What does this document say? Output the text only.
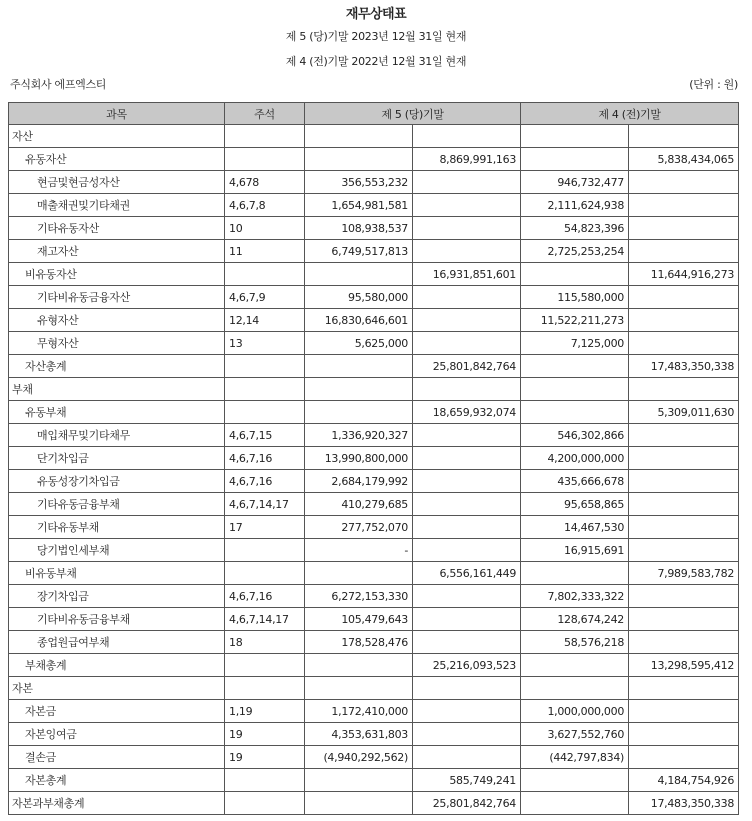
재무상태표
제 5 (당)기말 2023년 12월 31일 현재
제 4 (전)기말 2022년 12월 31일 현재
주식회사 에프엑스티	(단위 : 원)
과목	주석	제 5 (당)기말		제 4 (전)기말	
자산					
유동자산			8,869,991,163		5,838,434,065
현금및현금성자산	4,678	356,553,232		946,732,477	
매출채권및기타채권	4,6,7,8	1,654,981,581		2,111,624,938	
기타유동자산	10	108,938,537		54,823,396	
재고자산	11	6,749,517,813		2,725,253,254	
비유동자산			16,931,851,601		11,644,916,273
기타비유동금융자산	4,6,7,9	95,580,000		115,580,000	
유형자산	12,14	16,830,646,601		11,522,211,273	
무형자산	13	5,625,000		7,125,000	
자산총계			25,801,842,764		17,483,350,338
부채					
유동부채			18,659,932,074		5,309,011,630
매입채무및기타채무	4,6,7,15	1,336,920,327		546,302,866	
단기차입금	4,6,7,16	13,990,800,000		4,200,000,000	
유동성장기차입금	4,6,7,16	2,684,179,992		435,666,678	
기타유동금융부채	4,6,7,14,17	410,279,685		95,658,865	
기타유동부채	17	277,752,070		14,467,530	
당기법인세부채		-		16,915,691	
비유동부채			6,556,161,449		7,989,583,782
장기차입금	4,6,7,16	6,272,153,330		7,802,333,322	
기타비유동금융부채	4,6,7,14,17	105,479,643		128,674,242	
종업원급여부채	18	178,528,476		58,576,218	
부채총계			25,216,093,523		13,298,595,412
자본					
자본금	1,19	1,172,410,000		1,000,000,000	
자본잉여금	19	4,353,631,803		3,627,552,760	
결손금	19	(4,940,292,562)		(442,797,834)	
자본총계			585,749,241		4,184,754,926
자본과부채총계			25,801,842,764		17,483,350,338
